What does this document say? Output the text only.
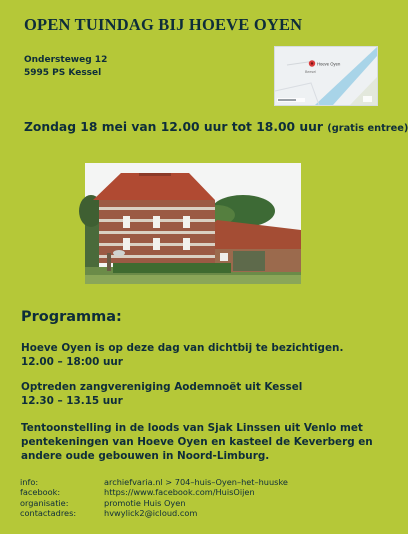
OPEN TUINDAG BIJ HOEVE OYEN
Ondersteweg 12
5995 PS Kessel
Hoeve Oyen
Beesel
Zondag 18 mei van 12.00 uur tot 18.00 uur (gratis entree)
Programma:
Hoeve Oyen is op deze dag van dichtbij te bezichtigen.
12.00 – 18:00 uur
Optreden zangvereniging Aodemnoët uit Kessel
12.30 – 13.15 uur
Tentoonstelling in de loods van Sjak Linssen uit Venlo met
pentekeningen van Hoeve Oyen en kasteel de Keverberg en
andere oude gebouwen in Noord-Limburg.
info:	archiefvaria.nl > 704–huis–Oyen–het–huuske
facebook:	https://www.facebook.com/HuisOijen
organisatie:	promotie Huis Oyen
contactadres:	hvwylick2@icloud.com
